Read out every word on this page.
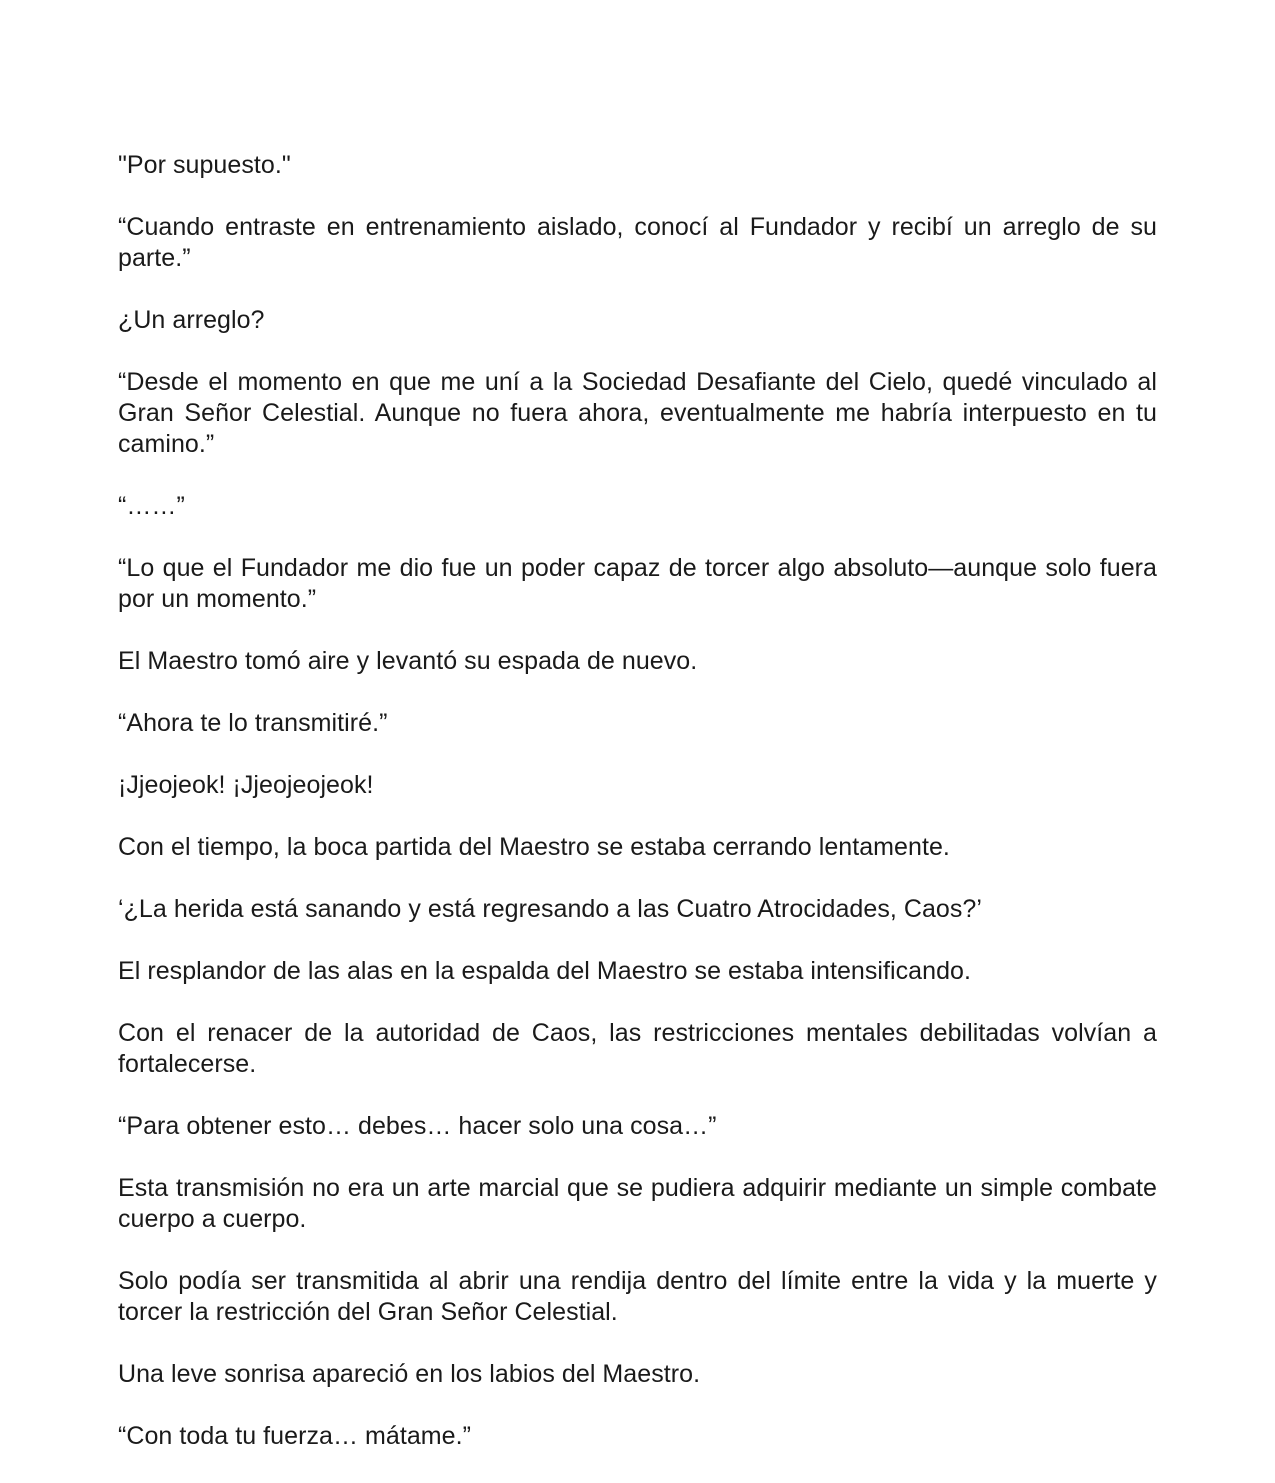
"Por supuesto."

“Cuando entraste en entrenamiento aislado, conocí al Fundador y recibí un arreglo de su parte.”

¿Un arreglo?

“Desde el momento en que me uní a la Sociedad Desafiante del Cielo, quedé vinculado al Gran Señor Celestial. Aunque no fuera ahora, eventualmente me habría interpuesto en tu camino.”

“……”

“Lo que el Fundador me dio fue un poder capaz de torcer algo absoluto—aunque solo fuera por un momento.”

El Maestro tomó aire y levantó su espada de nuevo.

“Ahora te lo transmitiré.”

¡Jjeojeok! ¡Jjeojeojeok!

Con el tiempo, la boca partida del Maestro se estaba cerrando lentamente.

‘¿La herida está sanando y está regresando a las Cuatro Atrocidades, Caos?’

El resplandor de las alas en la espalda del Maestro se estaba intensificando.

Con el renacer de la autoridad de Caos, las restricciones mentales debilitadas volvían a fortalecerse.

“Para obtener esto… debes… hacer solo una cosa…”

Esta transmisión no era un arte marcial que se pudiera adquirir mediante un simple combate cuerpo a cuerpo.

Solo podía ser transmitida al abrir una rendija dentro del límite entre la vida y la muerte y torcer la restricción del Gran Señor Celestial.

Una leve sonrisa apareció en los labios del Maestro.

“Con toda tu fuerza… mátame.”
